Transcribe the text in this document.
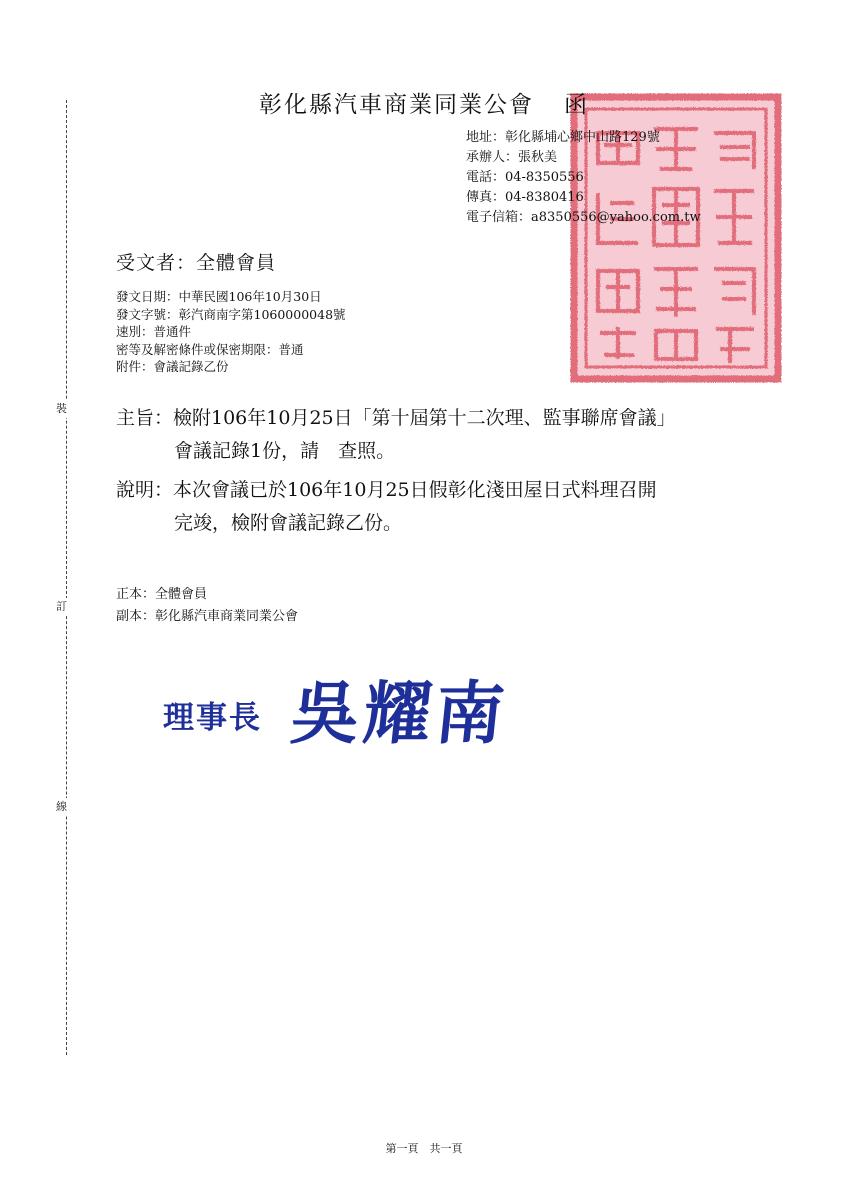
裝
訂
線
彰化縣汽車商業同業公會 函
地址：彰化縣埔心鄉中山路129號
承辦人：張秋美
電話：04-8350556
傳真：04-8380416
電子信箱：a8350556@yahoo.com.tw
受文者：全體會員
發文日期：中華民國106年10月30日
發文字號：彰汽商南字第1060000048號
速別：普通件
密等及解密條件或保密期限：普通
附件：會議記錄乙份
主旨：檢附106年10月25日「第十屆第十二次理、監事聯席會議」
會議記錄1份，請　查照。
說明：本次會議已於106年10月25日假彰化淺田屋日式料理召開
完竣，檢附會議記錄乙份。
正本：全體會員
副本：彰化縣汽車商業同業公會
理事長 吳耀南
第一頁　共一頁
